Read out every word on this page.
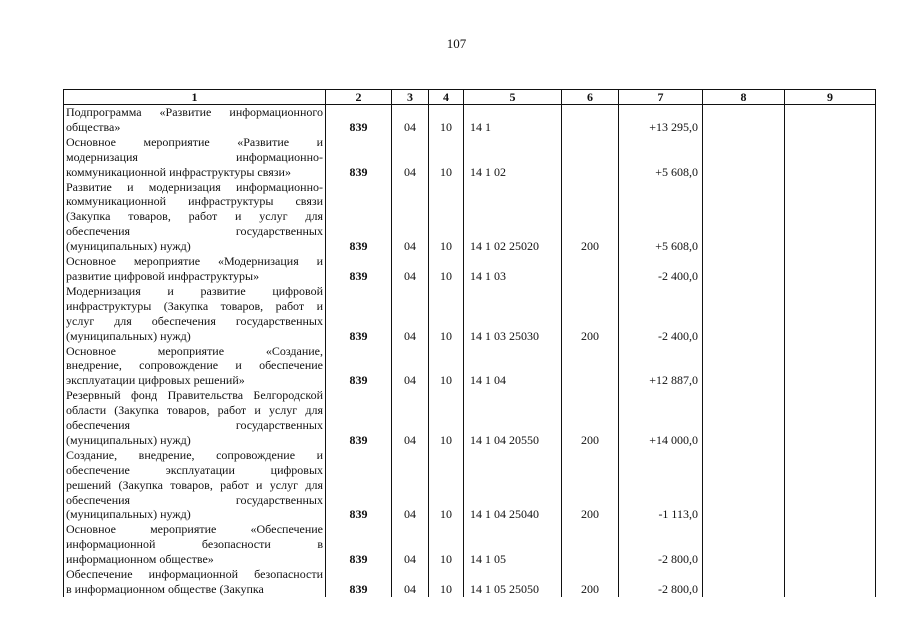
107
1	2	3	4	5	6	7	8	9

Подпрограмма «Развитие информационного
общества»	839	04	10	14 1		+13 295,0		

Основное мероприятие «Развитие и
модернизация информационно-
коммуникационной инфраструктуры связи»	839	04	10	14 1 02		+5 608,0		

Развитие и модернизация информационно-
коммуникационной инфраструктуры связи
(Закупка товаров, работ и услуг для
обеспечения государственных
(муниципальных) нужд)	839	04	10	14 1 02 25020	200	+5 608,0		

Основное мероприятие «Модернизация и
развитие цифровой инфраструктуры»	839	04	10	14 1 03		-2 400,0		

Модернизация и развитие цифровой
инфраструктуры (Закупка товаров, работ и
услуг для обеспечения государственных
(муниципальных) нужд)	839	04	10	14 1 03 25030	200	-2 400,0		

Основное мероприятие «Создание,
внедрение, сопровождение и обеспечение
эксплуатации цифровых решений»	839	04	10	14 1 04		+12 887,0		

Резервный фонд Правительства Белгородской
области (Закупка товаров, работ и услуг для
обеспечения государственных
(муниципальных) нужд)	839	04	10	14 1 04 20550	200	+14 000,0		

Создание, внедрение, сопровождение и
обеспечение эксплуатации цифровых
решений (Закупка товаров, работ и услуг для
обеспечения государственных
(муниципальных) нужд)	839	04	10	14 1 04 25040	200	-1 113,0		

Основное мероприятие «Обеспечение
информационной безопасности в
информационном обществе»	839	04	10	14 1 05		-2 800,0		

Обеспечение информационной безопасности
в информационном обществе (Закупка	839	04	10	14 1 05 25050	200	-2 800,0		
